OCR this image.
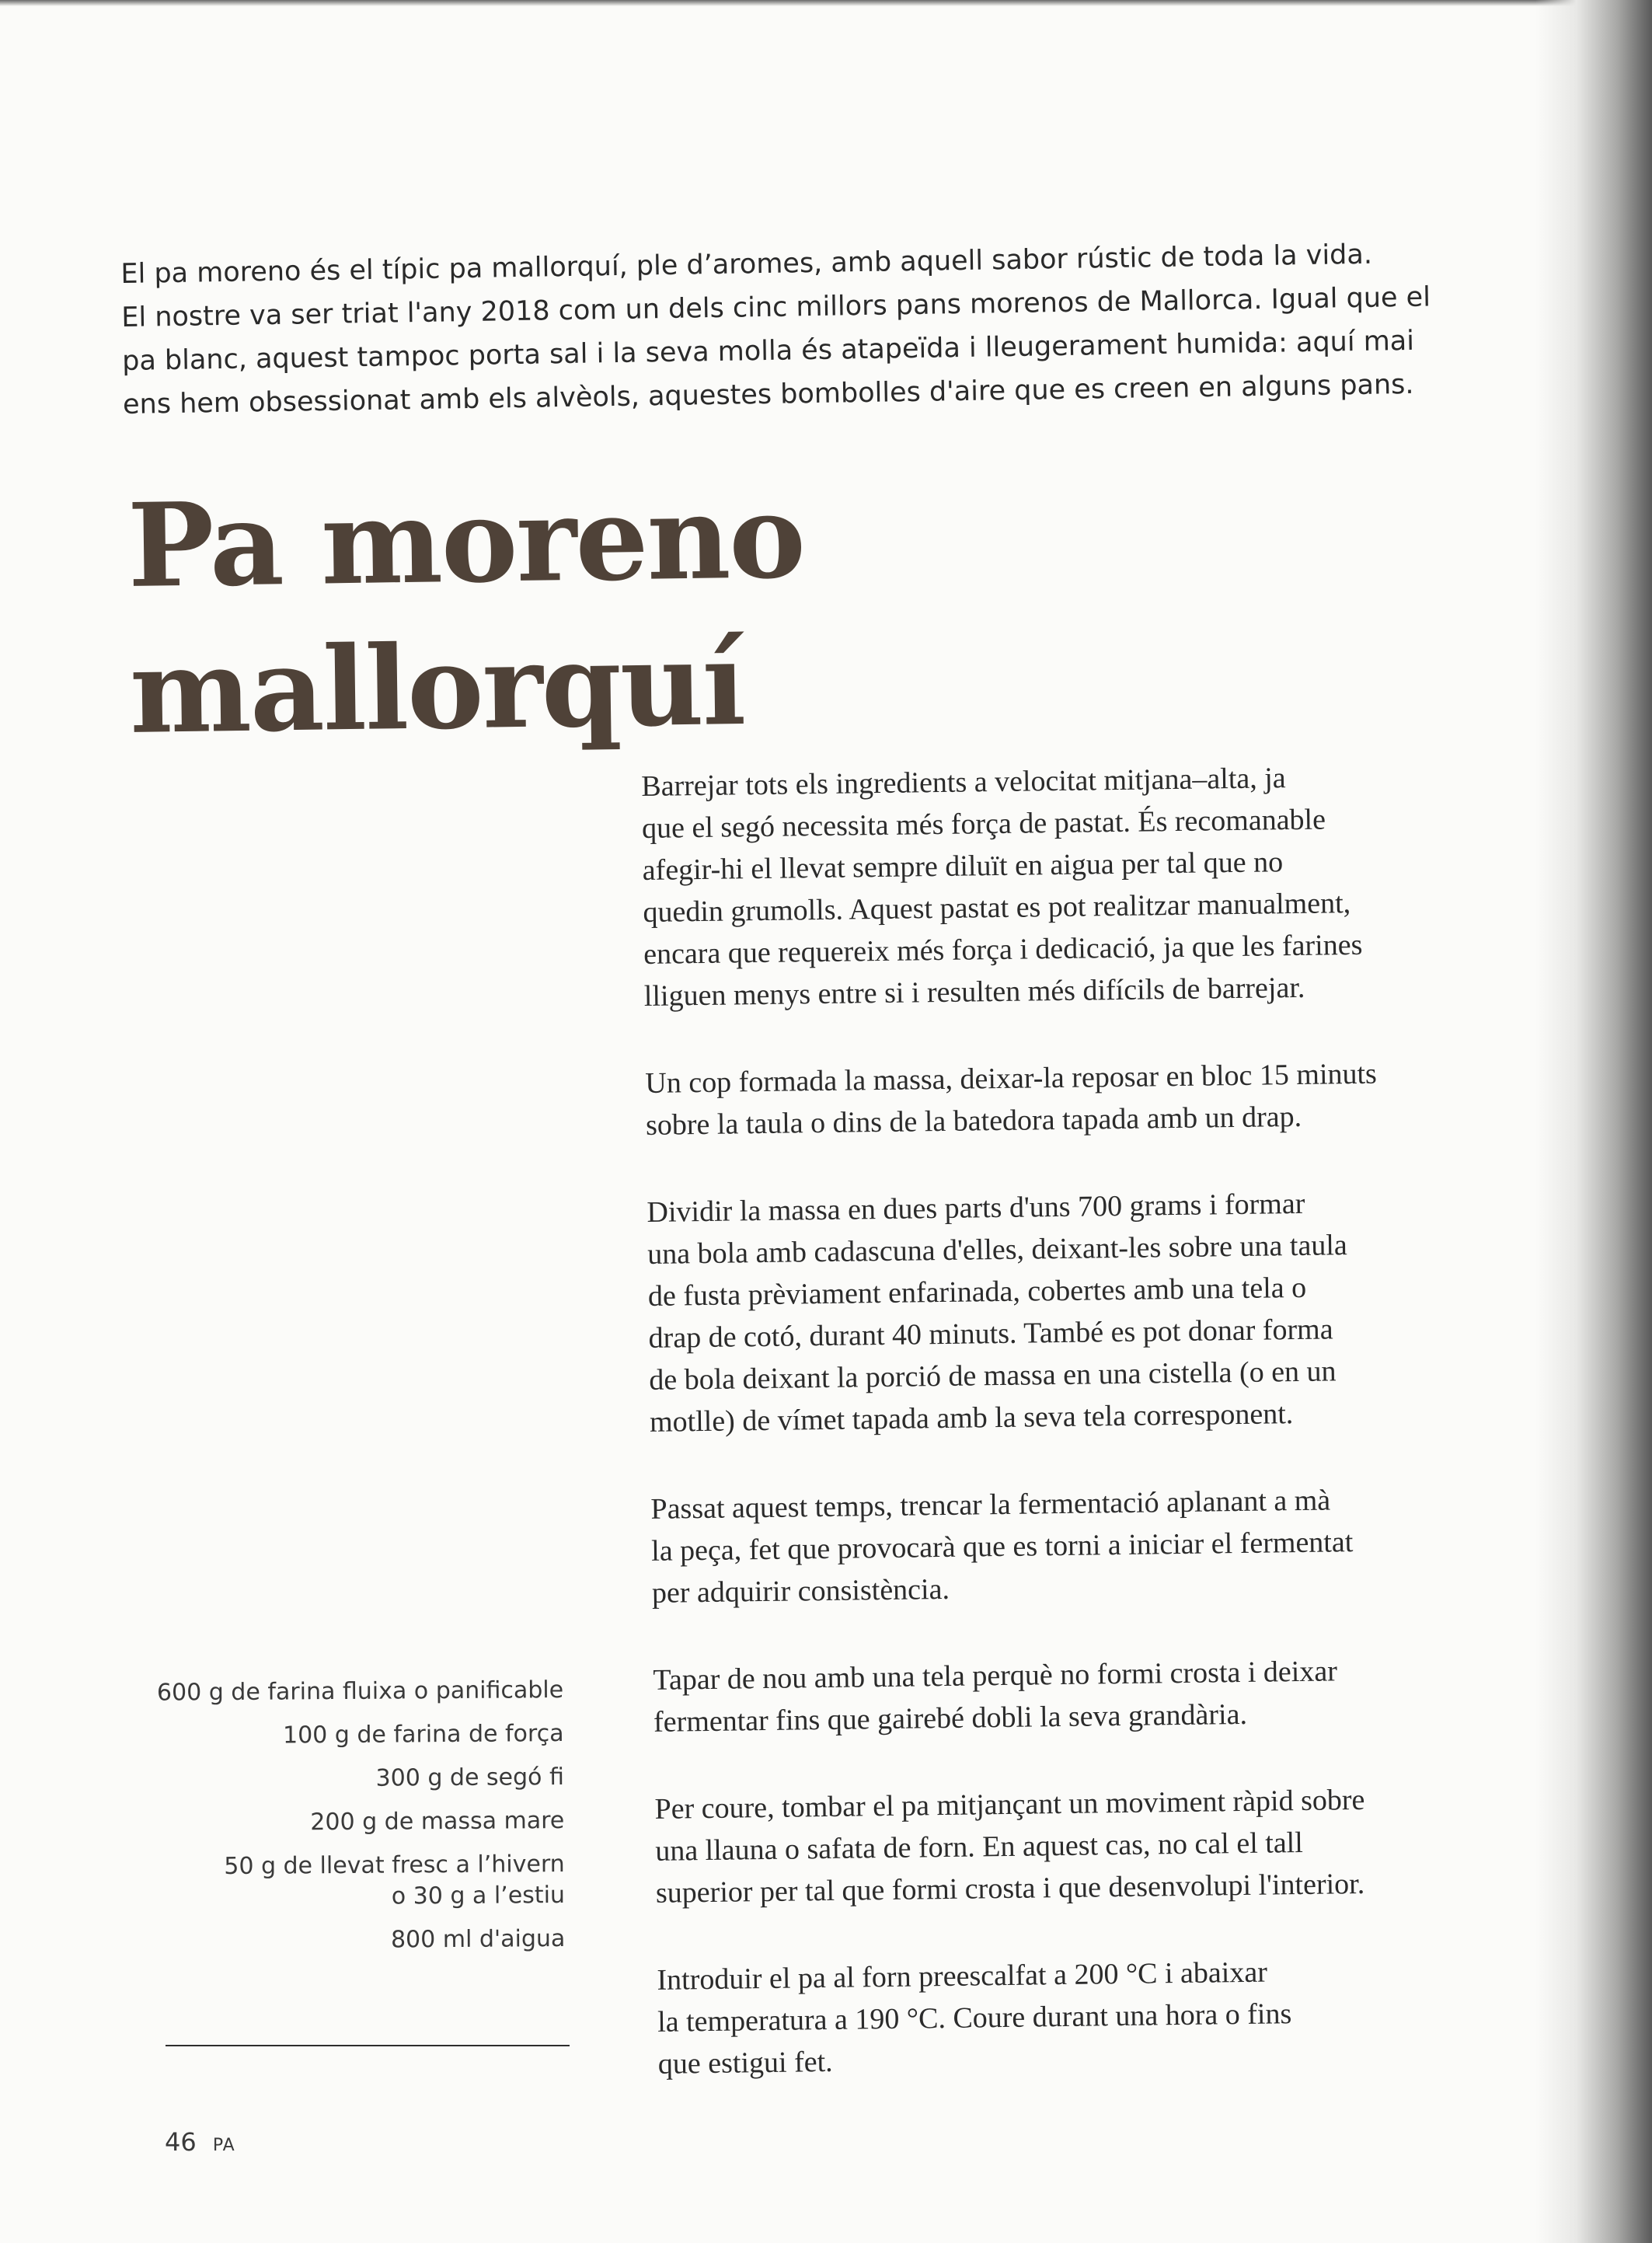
El pa moreno és el típic pa mallorquí, ple d’aromes, amb aquell sabor rústic de toda la vida.
El nostre va ser triat l'any 2018 com un dels cinc millors pans morenos de Mallorca. Igual que el
pa blanc, aquest tampoc porta sal i la seva molla és atapeïda i lleugerament humida: aquí mai
ens hem obsessionat amb els alvèols, aquestes bombolles d'aire que es creen en alguns pans.
Pa moreno
mallorquí
Barrejar tots els ingredients a velocitat mitjana–alta, ja
que el segó necessita més força de pastat. És recomanable
afegir-hi el llevat sempre diluït en aigua per tal que no
quedin grumolls. Aquest pastat es pot realitzar manualment,
encara que requereix més força i dedicació, ja que les farines
lliguen menys entre si i resulten més difícils de barrejar.
Un cop formada la massa, deixar-la reposar en bloc 15 minuts
sobre la taula o dins de la batedora tapada amb un drap.
Dividir la massa en dues parts d'uns 700 grams i formar
una bola amb cadascuna d'elles, deixant-les sobre una taula
de fusta prèviament enfarinada, cobertes amb una tela o
drap de cotó, durant 40 minuts. També es pot donar forma
de bola deixant la porció de massa en una cistella (o en un
motlle) de vímet tapada amb la seva tela corresponent.
Passat aquest temps, trencar la fermentació aplanant a mà
la peça, fet que provocarà que es torni a iniciar el fermentat
per adquirir consistència.
Tapar de nou amb una tela perquè no formi crosta i deixar
fermentar fins que gairebé dobli la seva grandària.
Per coure, tombar el pa mitjançant un moviment ràpid sobre
una llauna o safata de forn. En aquest cas, no cal el tall
superior per tal que formi crosta i que desenvolupi l'interior.
Introduir el pa al forn preescalfat a 200 °C i abaixar
la temperatura a 190 °C. Coure durant una hora o fins
que estigui fet.
600 g de farina fluixa o panificable
100 g de farina de força
300 g de segó fi
200 g de massa mare
50 g de llevat fresc a l’hivern
o 30 g a l’estiu
800 ml d'aigua
46 PA
